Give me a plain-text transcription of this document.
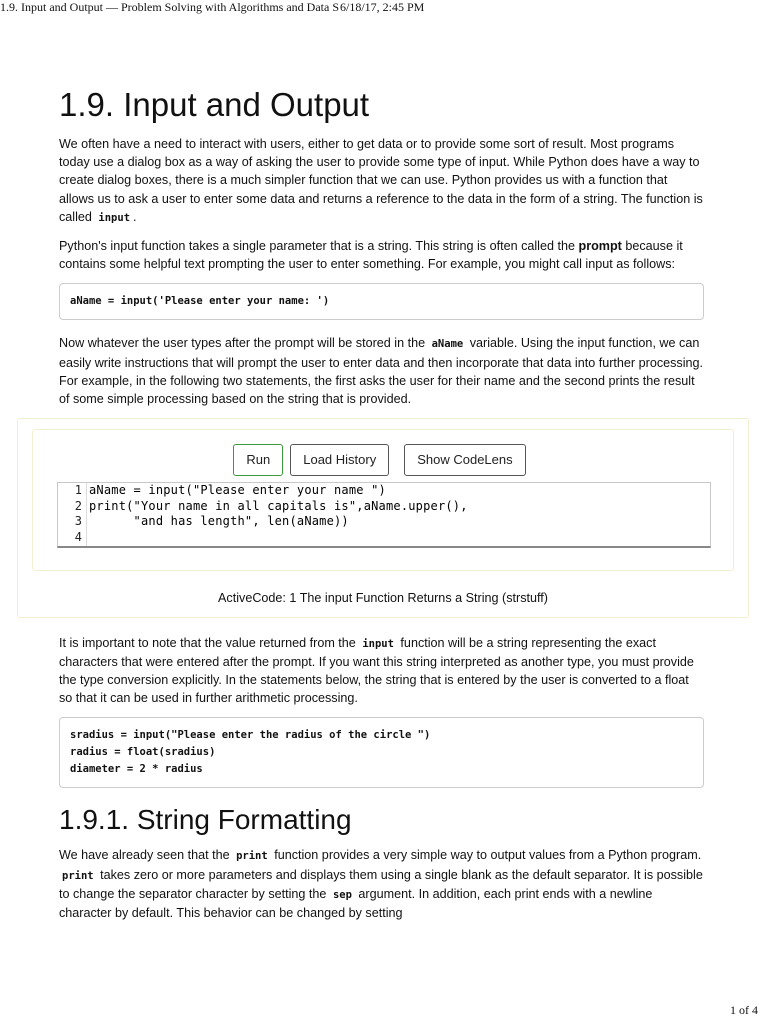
1.9. Input and Output — Problem Solving with Algorithms and Data S 6/18/17, 2:45 PM
1.9. Input and Output

We often have a need to interact with users, either to get data or to provide some sort of result. Most programs today use a dialog box as a way of asking the user to provide some type of input. While Python does have a way to create dialog boxes, there is a much simpler function that we can use. Python provides us with a function that allows us to ask a user to enter some data and returns a reference to the data in the form of a string. The function is called input .

Python's input function takes a single parameter that is a string. This string is often called the prompt because it contains some helpful text prompting the user to enter something. For example, you might call input as follows:

aName = input('Please enter your name: ')

Now whatever the user types after the prompt will be stored in the aName variable. Using the input function, we can easily write instructions that will prompt the user to enter data and then incorporate that data into further processing. For example, in the following two statements, the first asks the user for their name and the second prints the result of some simple processing based on the string that is provided.

Run	Load History	Show CodeLens
1 aName = input("Please enter your name ")
2 print("Your name in all capitals is",aName.upper(),
3 "and has length", len(aName))
4
ActiveCode: 1 The input Function Returns a String (strstuff)

It is important to note that the value returned from the input function will be a string representing the exact characters that were entered after the prompt. If you want this string interpreted as another type, you must provide the type conversion explicitly. In the statements below, the string that is entered by the user is converted to a float so that it can be used in further arithmetic processing.

sradius = input("Please enter the radius of the circle ")
radius = float(sradius)
diameter = 2 * radius
1.9.1. String Formatting

We have already seen that the print function provides a very simple way to output values from a Python program. print takes zero or more parameters and displays them using a single blank as the default separator. It is possible to change the separator character by setting the sep argument. In addition, each print ends with a newline character by default. This behavior can be changed by setting

1 of 4
